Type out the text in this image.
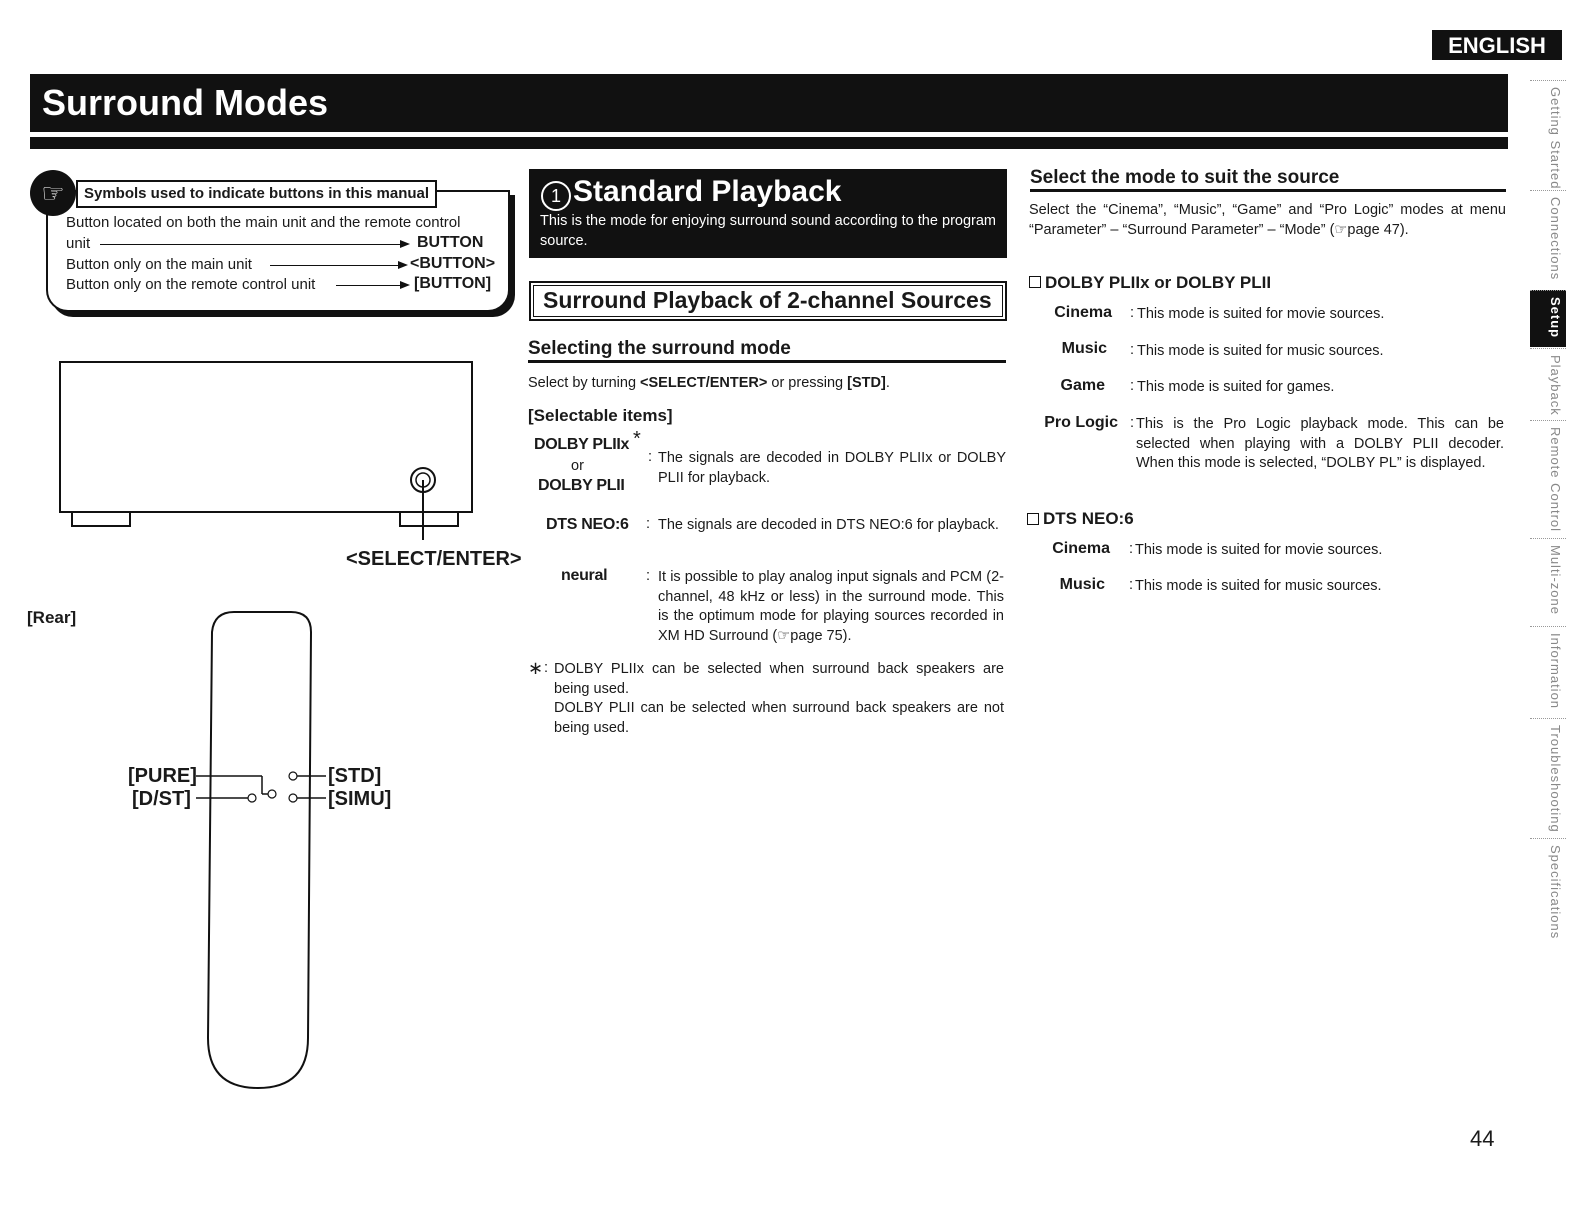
ENGLISH
Surround Modes
☞	Symbols used to indicate buttons in this manual
Button located on both the main unit and the remote control
unit	BUTTON
Button only on the main unit	<BUTTON>
Button only on the remote control unit	[BUTTON]
<SELECT/ENTER>
[Rear]
[PURE]
[D/ST]
[STD]
[SIMU]
1 Standard Playback
This is the mode for enjoying surround sound according to the program source.
Surround Playback of 2-channel Sources
Selecting the surround mode
Select by turning <SELECT/ENTER> or pressing [STD].
[Selectable items]
DOLBY PLIIx *
or
DOLBY PLII
: The signals are decoded in DOLBY PLIIx or DOLBY PLII for playback.
DTS NEO:6 : The signals are decoded in DTS NEO:6 for playback.
neural	: It is possible to play analog input signals and PCM (2-channel, 48 kHz or less) in the surround mode. This is the optimum mode for playing sources recorded in XM HD Surround (☞page 75).
∗ : DOLBY PLIIx can be selected when surround back speakers are being used.
DOLBY PLII can be selected when surround back speakers are not being used.
Select the mode to suit the source
Select the “Cinema”, “Music”, “Game” and “Pro Logic” modes at menu “Parameter” – “Surround Parameter” – “Mode” (☞page 47).
DOLBY PLIIx or DOLBY PLII
Cinema : This mode is suited for movie sources.
Music : This mode is suited for music sources.
Game : This mode is suited for games.
Pro Logic : This is the Pro Logic playback mode. This can be selected when playing with a DOLBY PLII decoder. When this mode is selected, “DOLBY PL” is displayed.
DTS NEO:6
Cinema : This mode is suited for movie sources.
Music : This mode is suited for music sources.
Getting Started
Connections
Setup
Playback
Remote Control
Multi-zone
Information
Troubleshooting
Specifications
44
